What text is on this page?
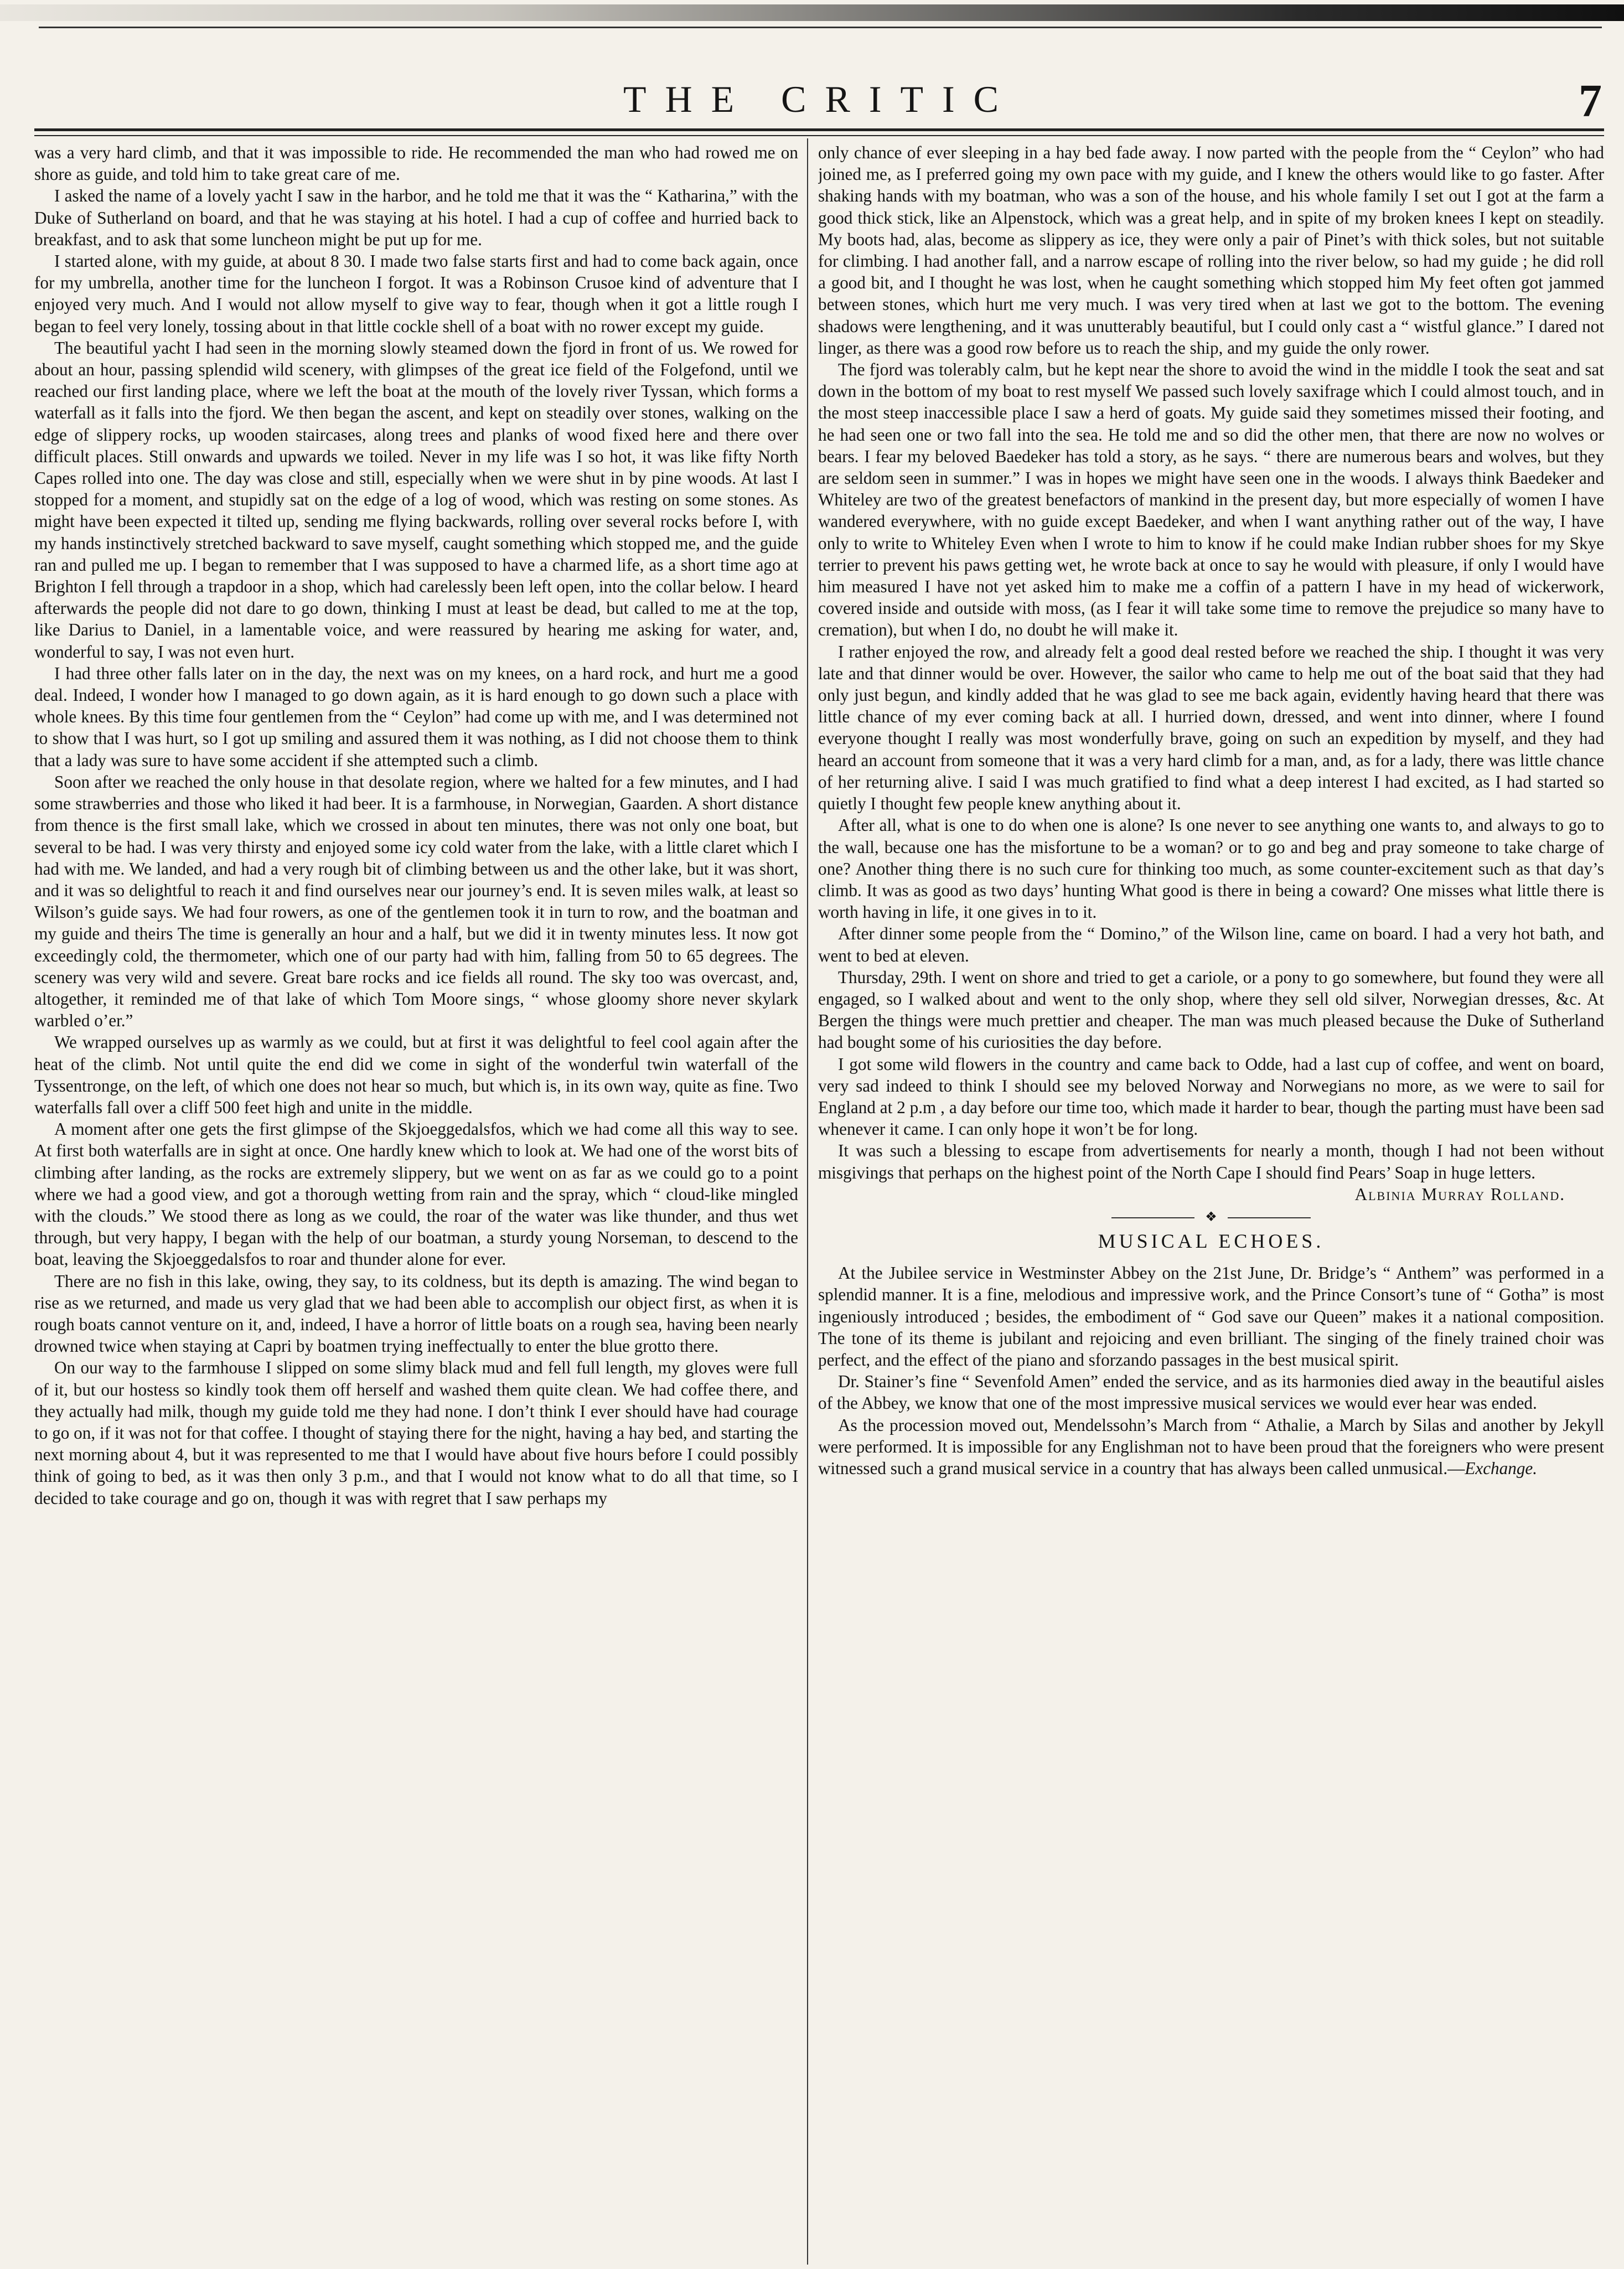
THE CRITIC	7

was a very hard climb, and that it was impossible to ride. He recommended the man who had rowed me on shore as guide, and told him to take great care of me.

I asked the name of a lovely yacht I saw in the harbor, and he told me that it was the “ Katharina,” with the Duke of Sutherland on board, and that he was staying at his hotel. I had a cup of coffee and hurried back to breakfast, and to ask that some luncheon might be put up for me.

I started alone, with my guide, at about 8 30. I made two false starts first and had to come back again, once for my umbrella, another time for the luncheon I forgot. It was a Robinson Crusoe kind of adventure that I enjoyed very much. And I would not allow myself to give way to fear, though when it got a little rough I began to feel very lonely, tossing about in that little cockle shell of a boat with no rower except my guide.

The beautiful yacht I had seen in the morning slowly steamed down the fjord in front of us. We rowed for about an hour, passing splendid wild scenery, with glimpses of the great ice field of the Folgefond, until we reached our first landing place, where we left the boat at the mouth of the lovely river Tyssan, which forms a waterfall as it falls into the fjord. We then began the ascent, and kept on steadily over stones, walking on the edge of slippery rocks, up wooden staircases, along trees and planks of wood fixed here and there over difficult places. Still onwards and upwards we toiled. Never in my life was I so hot, it was like fifty North Capes rolled into one. The day was close and still, especially when we were shut in by pine woods. At last I stopped for a moment, and stupidly sat on the edge of a log of wood, which was resting on some stones. As might have been expected it tilted up, sending me flying backwards, rolling over several rocks before I, with my hands instinctively stretched backward to save myself, caught something which stopped me, and the guide ran and pulled me up. I began to remember that I was supposed to have a charmed life, as a short time ago at Brighton I fell through a trapdoor in a shop, which had carelessly been left open, into the collar below. I heard afterwards the people did not dare to go down, thinking I must at least be dead, but called to me at the top, like Darius to Daniel, in a lamentable voice, and were reassured by hearing me asking for water, and, wonderful to say, I was not even hurt.

I had three other falls later on in the day, the next was on my knees, on a hard rock, and hurt me a good deal. Indeed, I wonder how I managed to go down again, as it is hard enough to go down such a place with whole knees. By this time four gentlemen from the “ Ceylon” had come up with me, and I was determined not to show that I was hurt, so I got up smiling and assured them it was nothing, as I did not choose them to think that a lady was sure to have some accident if she attempted such a climb.

Soon after we reached the only house in that desolate region, where we halted for a few minutes, and I had some strawberries and those who liked it had beer. It is a farmhouse, in Norwegian, Gaarden. A short distance from thence is the first small lake, which we crossed in about ten minutes, there was not only one boat, but several to be had. I was very thirsty and enjoyed some icy cold water from the lake, with a little claret which I had with me. We landed, and had a very rough bit of climbing between us and the other lake, but it was short, and it was so delightful to reach it and find ourselves near our journey’s end. It is seven miles walk, at least so Wilson’s guide says. We had four rowers, as one of the gentlemen took it in turn to row, and the boatman and my guide and theirs The time is generally an hour and a half, but we did it in twenty minutes less. It now got exceedingly cold, the thermometer, which one of our party had with him, falling from 50 to 65 degrees. The scenery was very wild and severe. Great bare rocks and ice fields all round. The sky too was overcast, and, altogether, it reminded me of that lake of which Tom Moore sings, “ whose gloomy shore never skylark warbled o’er.”

We wrapped ourselves up as warmly as we could, but at first it was delightful to feel cool again after the heat of the climb. Not until quite the end did we come in sight of the wonderful twin waterfall of the Tyssentronge, on the left, of which one does not hear so much, but which is, in its own way, quite as fine. Two waterfalls fall over a cliff 500 feet high and unite in the middle.

A moment after one gets the first glimpse of the Skjoeggedalsfos, which we had come all this way to see. At first both waterfalls are in sight at once. One hardly knew which to look at. We had one of the worst bits of climbing after landing, as the rocks are extremely slippery, but we went on as far as we could go to a point where we had a good view, and got a thorough wetting from rain and the spray, which “ cloud-like mingled with the clouds.” We stood there as long as we could, the roar of the water was like thunder, and thus wet through, but very happy, I began with the help of our boatman, a sturdy young Norseman, to descend to the boat, leaving the Skjoeggedalsfos to roar and thunder alone for ever.

There are no fish in this lake, owing, they say, to its coldness, but its depth is amazing. The wind began to rise as we returned, and made us very glad that we had been able to accomplish our object first, as when it is rough boats cannot venture on it, and, indeed, I have a horror of little boats on a rough sea, having been nearly drowned twice when staying at Capri by boatmen trying ineffectually to enter the blue grotto there.

On our way to the farmhouse I slipped on some slimy black mud and fell full length, my gloves were full of it, but our hostess so kindly took them off herself and washed them quite clean. We had coffee there, and they actually had milk, though my guide told me they had none. I don’t think I ever should have had courage to go on, if it was not for that coffee. I thought of staying there for the night, having a hay bed, and starting the next morning about 4, but it was represented to me that I would have about five hours before I could possibly think of going to bed, as it was then only 3 p.m., and that I would not know what to do all that time, so I decided to take courage and go on, though it was with regret that I saw perhaps my

only chance of ever sleeping in a hay bed fade away. I now parted with the people from the “ Ceylon” who had joined me, as I preferred going my own pace with my guide, and I knew the others would like to go faster. After shaking hands with my boatman, who was a son of the house, and his whole family I set out I got at the farm a good thick stick, like an Alpenstock, which was a great help, and in spite of my broken knees I kept on steadily. My boots had, alas, become as slippery as ice, they were only a pair of Pinet’s with thick soles, but not suitable for climbing. I had another fall, and a narrow escape of rolling into the river below, so had my guide ; he did roll a good bit, and I thought he was lost, when he caught something which stopped him My feet often got jammed between stones, which hurt me very much. I was very tired when at last we got to the bottom. The evening shadows were lengthening, and it was unutterably beautiful, but I could only cast a “ wistful glance.” I dared not linger, as there was a good row before us to reach the ship, and my guide the only rower.

The fjord was tolerably calm, but he kept near the shore to avoid the wind in the middle I took the seat and sat down in the bottom of my boat to rest myself We passed such lovely saxifrage which I could almost touch, and in the most steep inaccessible place I saw a herd of goats. My guide said they sometimes missed their footing, and he had seen one or two fall into the sea. He told me and so did the other men, that there are now no wolves or bears. I fear my beloved Baedeker has told a story, as he says. “ there are numerous bears and wolves, but they are seldom seen in summer.” I was in hopes we might have seen one in the woods. I always think Baedeker and Whiteley are two of the greatest benefactors of mankind in the present day, but more especially of women I have wandered everywhere, with no guide except Baedeker, and when I want anything rather out of the way, I have only to write to Whiteley Even when I wrote to him to know if he could make Indian rubber shoes for my Skye terrier to prevent his paws getting wet, he wrote back at once to say he would with pleasure, if only I would have him measured I have not yet asked him to make me a coffin of a pattern I have in my head of wickerwork, covered inside and outside with moss, (as I fear it will take some time to remove the prejudice so many have to cremation), but when I do, no doubt he will make it.

I rather enjoyed the row, and already felt a good deal rested before we reached the ship. I thought it was very late and that dinner would be over. However, the sailor who came to help me out of the boat said that they had only just begun, and kindly added that he was glad to see me back again, evidently having heard that there was little chance of my ever coming back at all. I hurried down, dressed, and went into dinner, where I found everyone thought I really was most wonderfully brave, going on such an expedition by myself, and they had heard an account from someone that it was a very hard climb for a man, and, as for a lady, there was little chance of her returning alive. I said I was much gratified to find what a deep interest I had excited, as I had started so quietly I thought few people knew anything about it.

After all, what is one to do when one is alone? Is one never to see anything one wants to, and always to go to the wall, because one has the misfortune to be a woman? or to go and beg and pray someone to take charge of one? Another thing there is no such cure for thinking too much, as some counter-excitement such as that day’s climb. It was as good as two days’ hunting What good is there in being a coward? One misses what little there is worth having in life, it one gives in to it.

After dinner some people from the “ Domino,” of the Wilson line, came on board. I had a very hot bath, and went to bed at eleven.

Thursday, 29th. I went on shore and tried to get a cariole, or a pony to go somewhere, but found they were all engaged, so I walked about and went to the only shop, where they sell old silver, Norwegian dresses, &c. At Bergen the things were much prettier and cheaper. The man was much pleased because the Duke of Sutherland had bought some of his curiosities the day before.

I got some wild flowers in the country and came back to Odde, had a last cup of coffee, and went on board, very sad indeed to think I should see my beloved Norway and Norwegians no more, as we were to sail for England at 2 p.m , a day before our time too, which made it harder to bear, though the parting must have been sad whenever it came. I can only hope it won’t be for long.

It was such a blessing to escape from advertisements for nearly a month, though I had not been without misgivings that perhaps on the highest point of the North Cape I should find Pears’ Soap in huge letters.

Albinia Murray Rolland.

❖
MUSICAL ECHOES.

At the Jubilee service in Westminster Abbey on the 21st June, Dr. Bridge’s “ Anthem” was performed in a splendid manner. It is a fine, melodious and impressive work, and the Prince Consort’s tune of “ Gotha” is most ingeniously introduced ; besides, the embodiment of “ God save our Queen” makes it a national composition. The tone of its theme is jubilant and rejoicing and even brilliant. The singing of the finely trained choir was perfect, and the effect of the piano and sforzando passages in the best musical spirit.

Dr. Stainer’s fine “ Sevenfold Amen” ended the service, and as its harmonies died away in the beautiful aisles of the Abbey, we know that one of the most impressive musical services we would ever hear was ended.

As the procession moved out, Mendelssohn’s March from “ Athalie, a March by Silas and another by Jekyll were performed. It is impossible for any Englishman not to have been proud that the foreigners who were present witnessed such a grand musical service in a country that has always been called unmusical.—Exchange.
